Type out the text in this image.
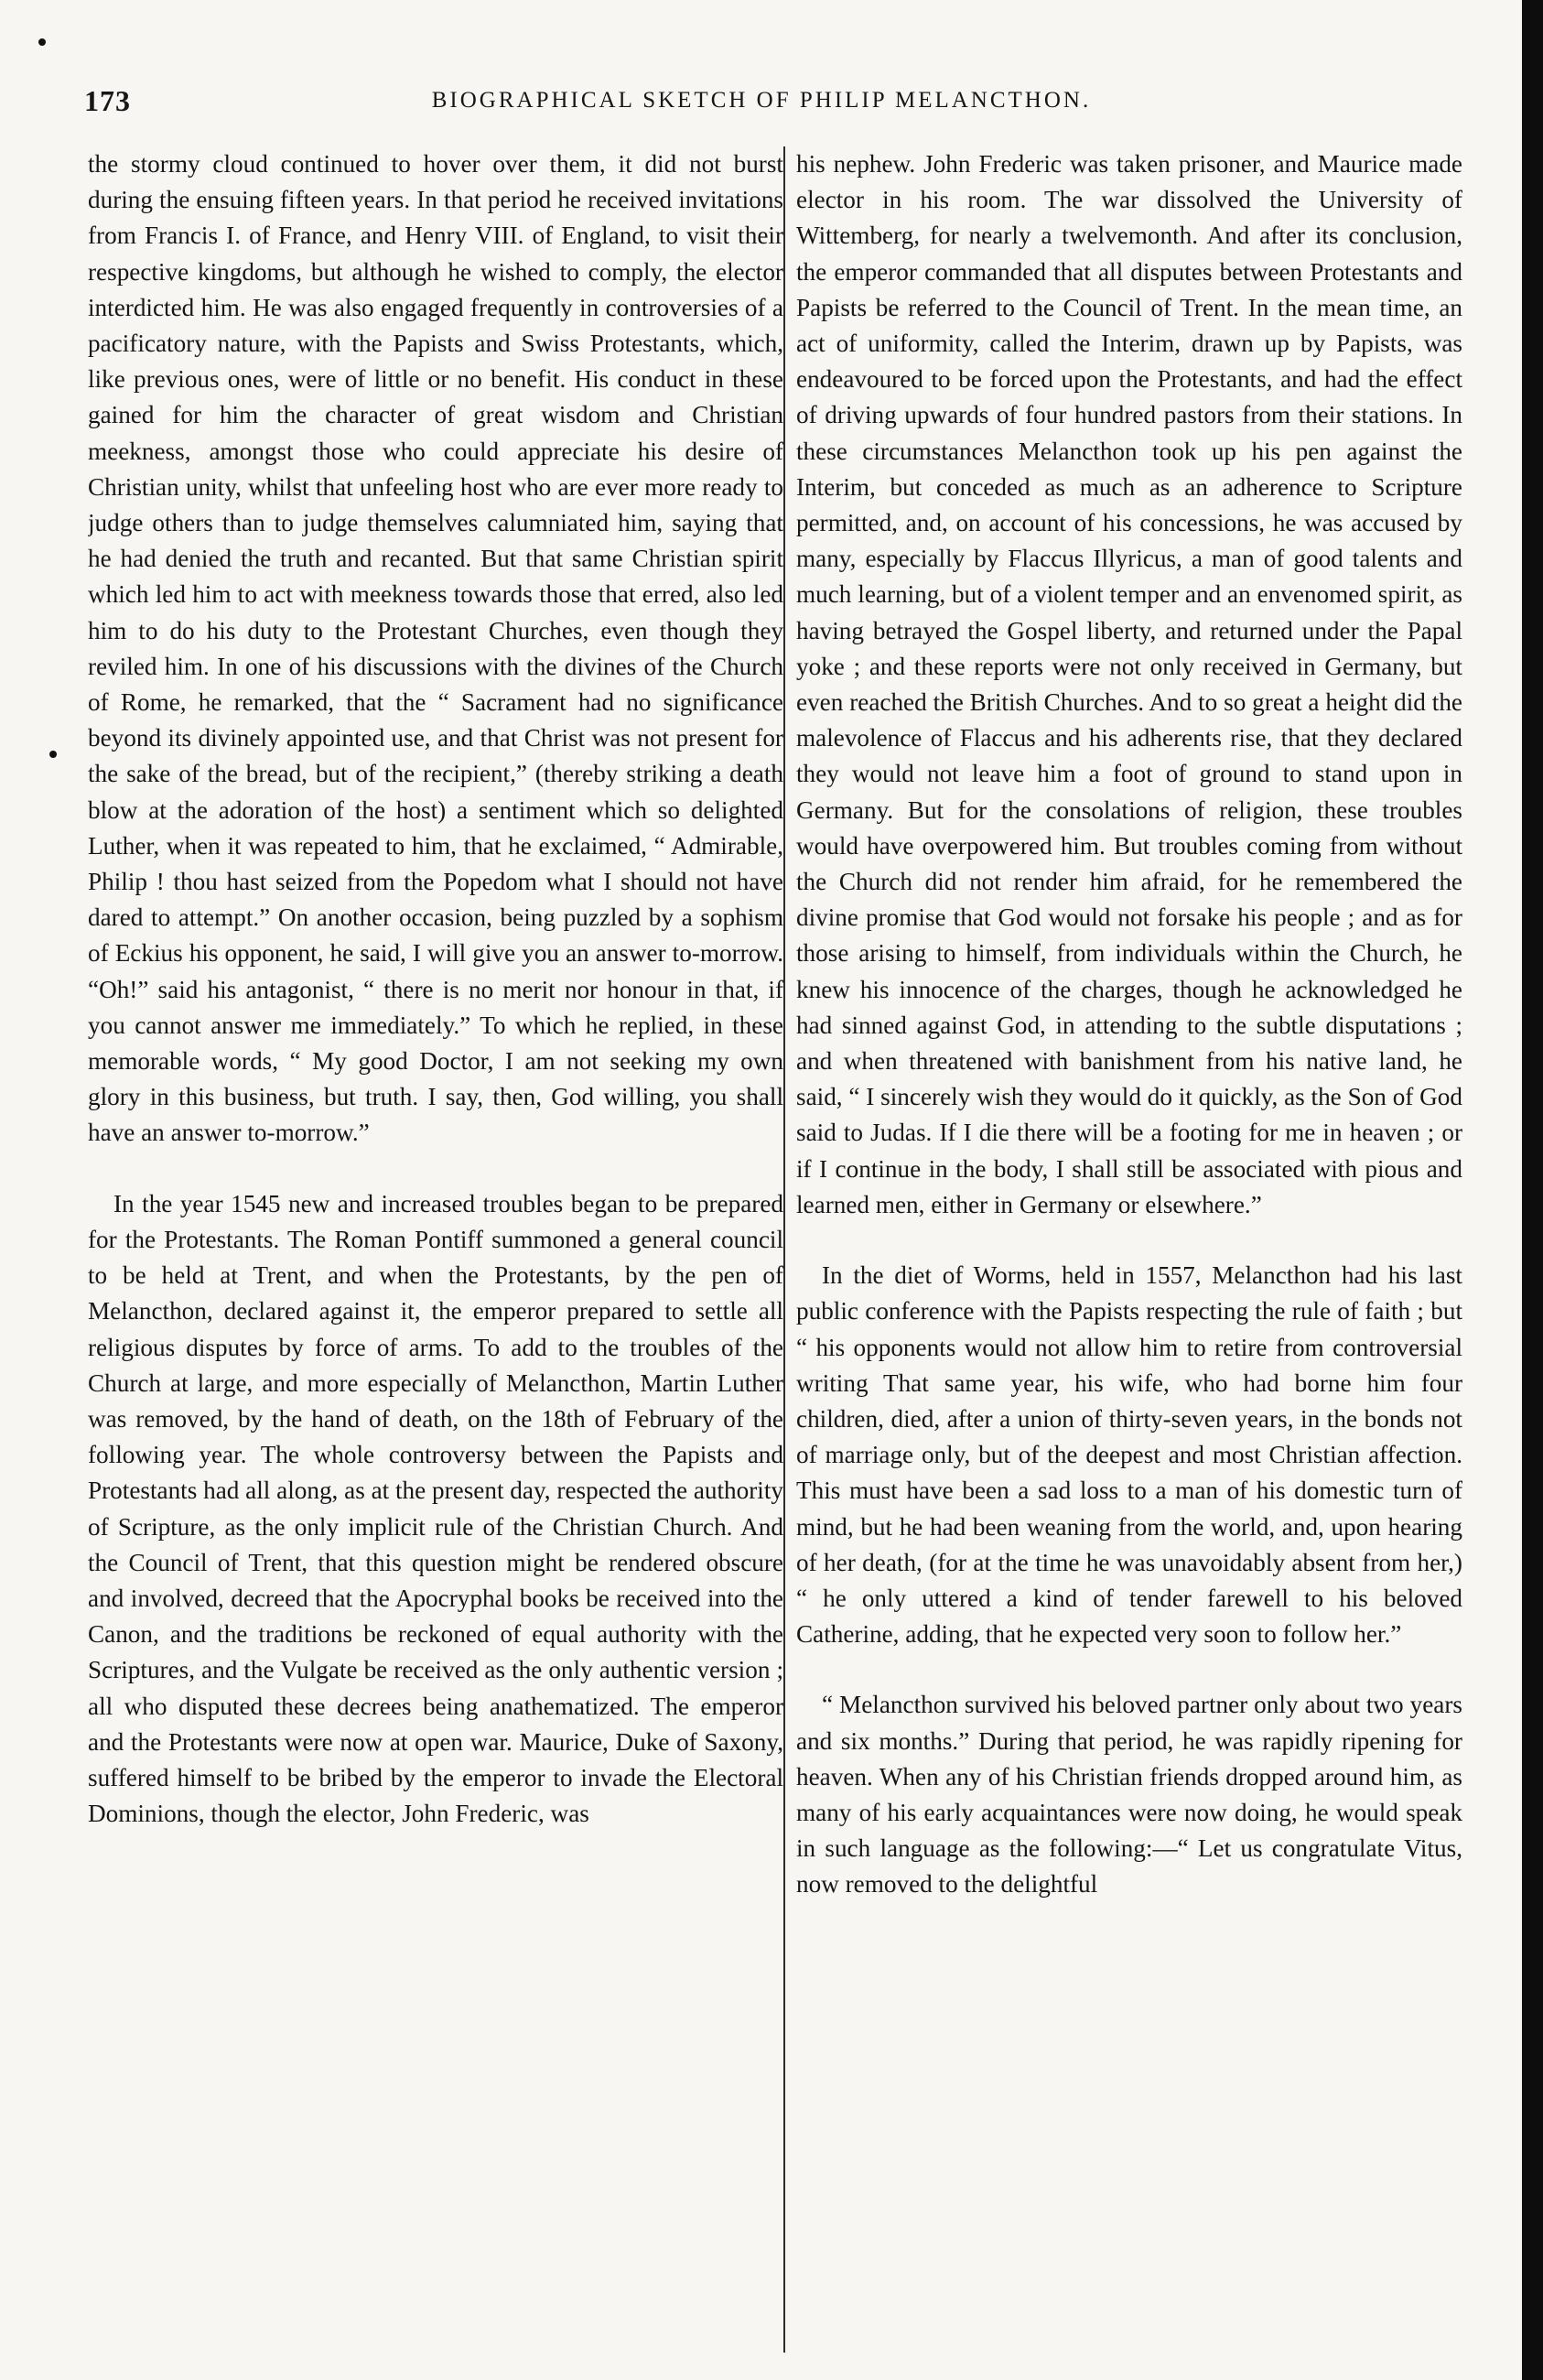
173	BIOGRAPHICAL SKETCH OF PHILIP MELANCTHON.

the stormy cloud continued to hover over them, it did not burst during the ensuing fifteen years. In that period he received invitations from Francis I. of France, and Henry VIII. of England, to visit their respective kingdoms, but although he wished to comply, the elector interdicted him. He was also engaged frequently in controversies of a pacificatory nature, with the Papists and Swiss Protestants, which, like previous ones, were of little or no benefit. His conduct in these gained for him the character of great wisdom and Christian meekness, amongst those who could appreciate his desire of Christian unity, whilst that unfeeling host who are ever more ready to judge others than to judge themselves calumniated him, saying that he had denied the truth and recanted. But that same Christian spirit which led him to act with meekness towards those that erred, also led him to do his duty to the Protestant Churches, even though they reviled him. In one of his discussions with the divines of the Church of Rome, he remarked, that the “ Sacrament had no significance beyond its divinely appointed use, and that Christ was not present for the sake of the bread, but of the recipient,” (thereby striking a death blow at the adoration of the host) a sentiment which so delighted Luther, when it was repeated to him, that he exclaimed, “ Admirable, Philip ! thou hast seized from the Popedom what I should not have dared to attempt.” On another occasion, being puzzled by a sophism of Eckius his opponent, he said, I will give you an answer to-morrow. “Oh!” said his antagonist, “ there is no merit nor honour in that, if you cannot answer me immediately.” To which he replied, in these memorable words, “ My good Doctor, I am not seeking my own glory in this business, but truth. I say, then, God willing, you shall have an answer to-morrow.”

In the year 1545 new and increased troubles began to be prepared for the Protestants. The Roman Pontiff summoned a general council to be held at Trent, and when the Protestants, by the pen of Melancthon, declared against it, the emperor prepared to settle all religious disputes by force of arms. To add to the troubles of the Church at large, and more especially of Melancthon, Martin Luther was removed, by the hand of death, on the 18th of February of the following year. The whole controversy between the Papists and Protestants had all along, as at the present day, respected the authority of Scripture, as the only implicit rule of the Christian Church. And the Council of Trent, that this question might be rendered obscure and involved, decreed that the Apocryphal books be received into the Canon, and the traditions be reckoned of equal authority with the Scriptures, and the Vulgate be received as the only authentic version ; all who disputed these decrees being anathematized. The emperor and the Protestants were now at open war. Maurice, Duke of Saxony, suffered himself to be bribed by the emperor to invade the Electoral Dominions, though the elector, John Frederic, was

his nephew. John Frederic was taken prisoner, and Maurice made elector in his room. The war dissolved the University of Wittemberg, for nearly a twelvemonth. And after its conclusion, the emperor commanded that all disputes between Protestants and Papists be referred to the Council of Trent. In the mean time, an act of uniformity, called the Interim, drawn up by Papists, was endeavoured to be forced upon the Protestants, and had the effect of driving upwards of four hundred pastors from their stations. In these circumstances Melancthon took up his pen against the Interim, but conceded as much as an adherence to Scripture permitted, and, on account of his concessions, he was accused by many, especially by Flaccus Illyricus, a man of good talents and much learning, but of a violent temper and an envenomed spirit, as having betrayed the Gospel liberty, and returned under the Papal yoke ; and these reports were not only received in Germany, but even reached the British Churches. And to so great a height did the malevolence of Flaccus and his adherents rise, that they declared they would not leave him a foot of ground to stand upon in Germany. But for the consolations of religion, these troubles would have overpowered him. But troubles coming from without the Church did not render him afraid, for he remembered the divine promise that God would not forsake his people ; and as for those arising to himself, from individuals within the Church, he knew his innocence of the charges, though he acknowledged he had sinned against God, in attending to the subtle disputations ; and when threatened with banishment from his native land, he said, “ I sincerely wish they would do it quickly, as the Son of God said to Judas. If I die there will be a footing for me in heaven ; or if I continue in the body, I shall still be associated with pious and learned men, either in Germany or elsewhere.”

In the diet of Worms, held in 1557, Melancthon had his last public conference with the Papists respecting the rule of faith ; but “ his opponents would not allow him to retire from controversial writing That same year, his wife, who had borne him four children, died, after a union of thirty-seven years, in the bonds not of marriage only, but of the deepest and most Christian affection. This must have been a sad loss to a man of his domestic turn of mind, but he had been weaning from the world, and, upon hearing of her death, (for at the time he was unavoidably absent from her,) “ he only uttered a kind of tender farewell to his beloved Catherine, adding, that he expected very soon to follow her.”

“ Melancthon survived his beloved partner only about two years and six months.” During that period, he was rapidly ripening for heaven. When any of his Christian friends dropped around him, as many of his early acquaintances were now doing, he would speak in such language as the following:—“ Let us congratulate Vitus, now removed to the delightful
